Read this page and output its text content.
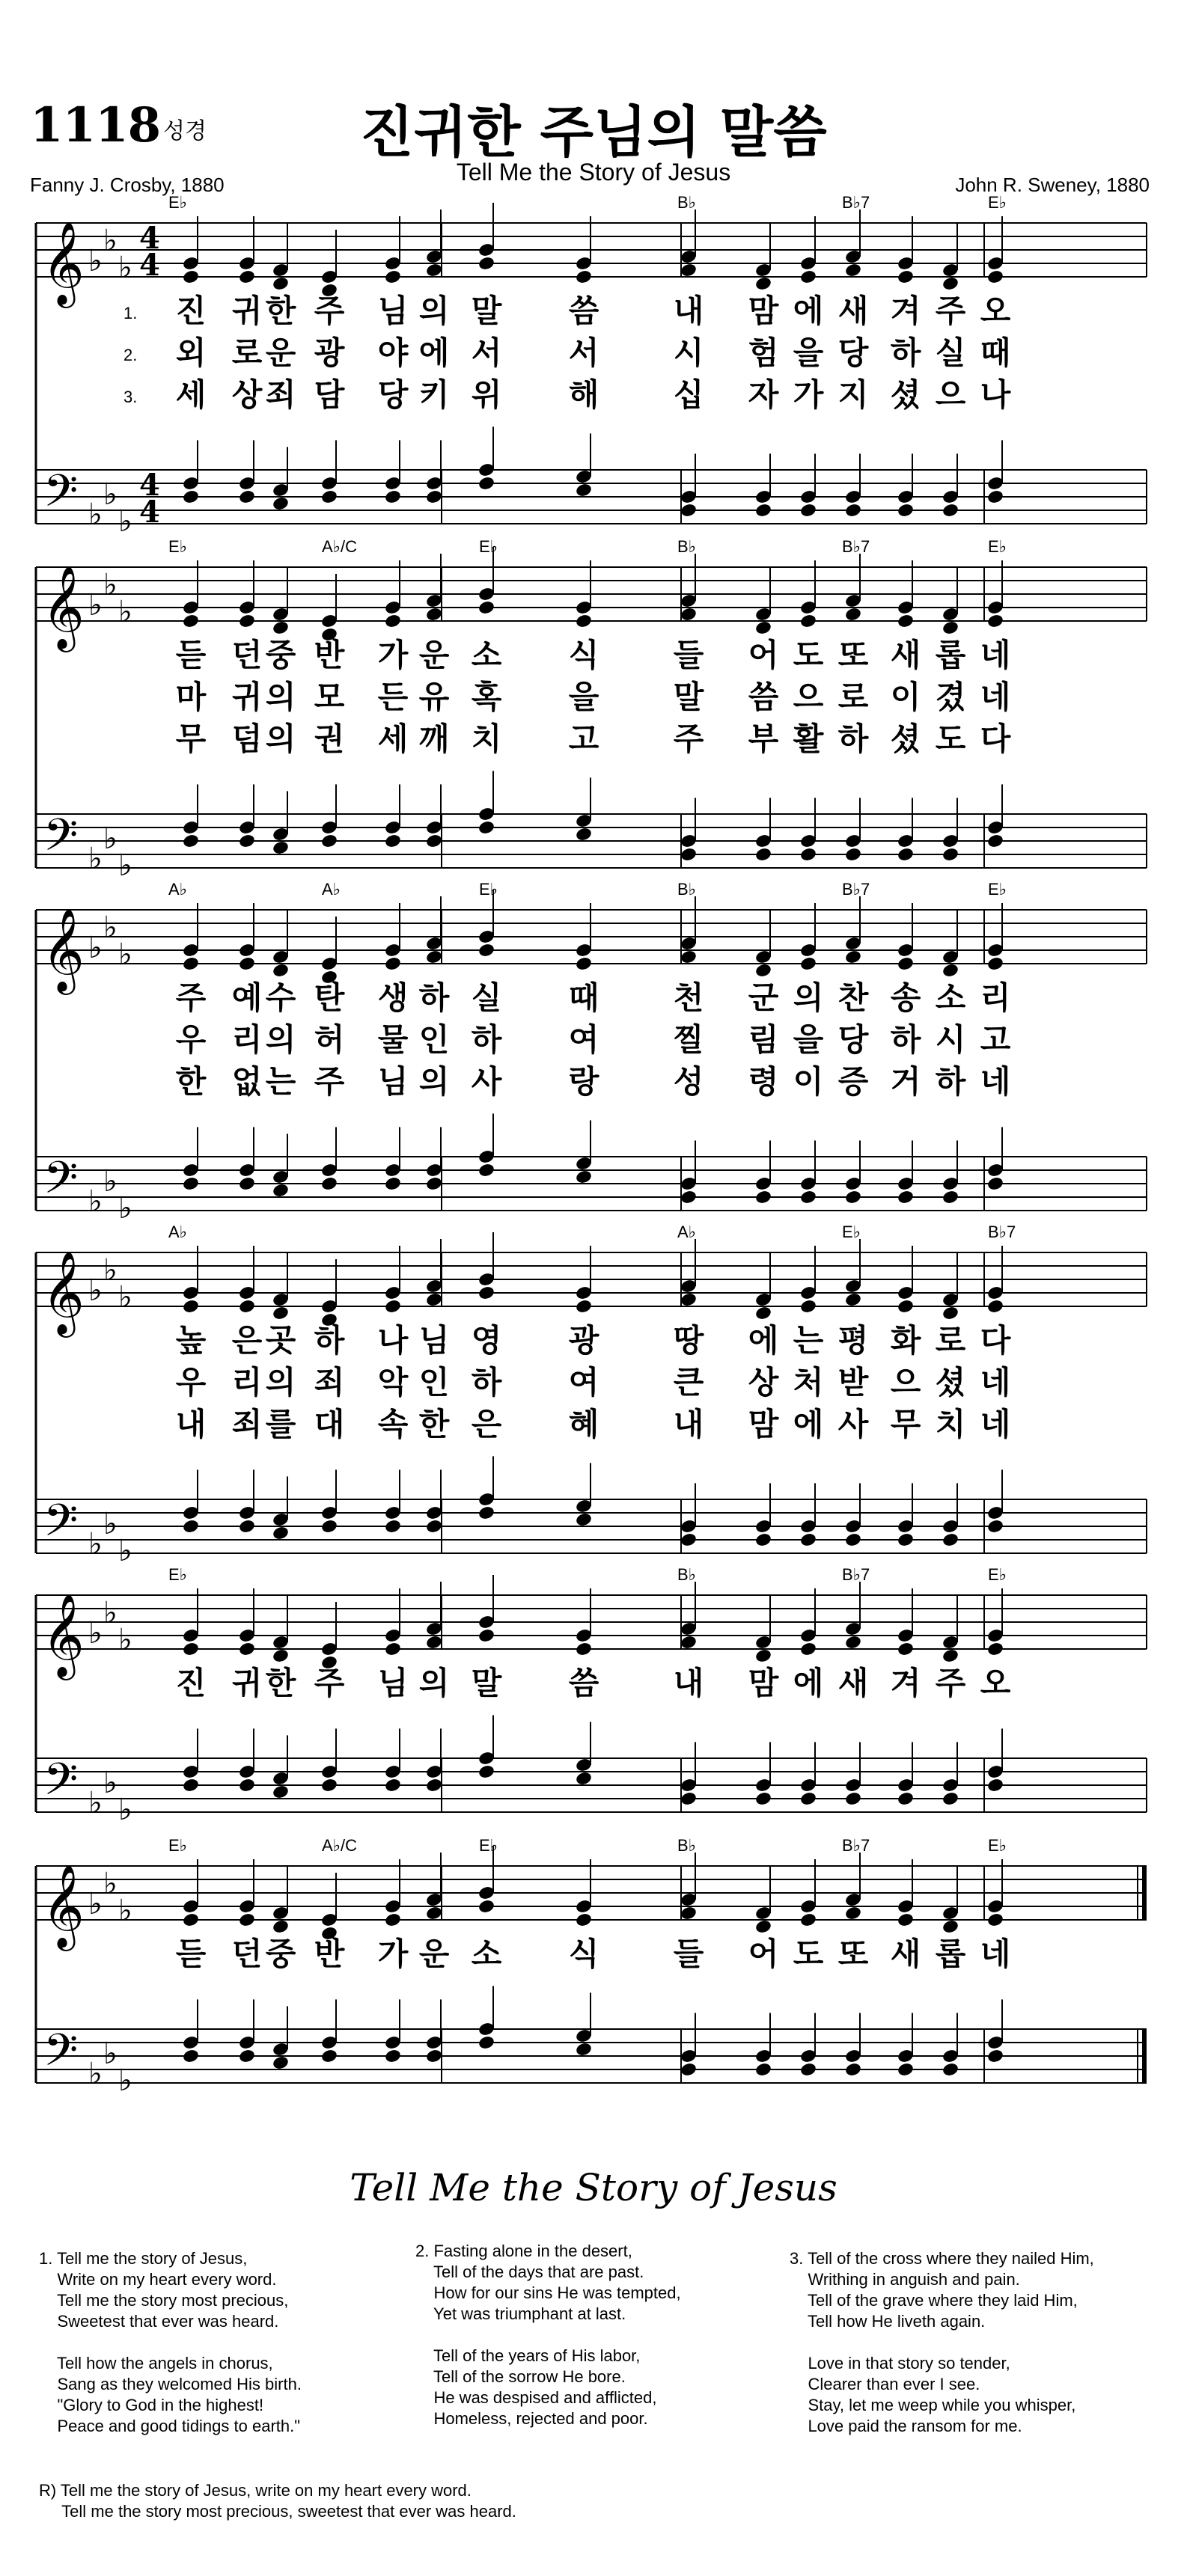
1118 성경	진귀한 주님의 말씀
Tell Me the Story of Jesus
Fanny J. Crosby, 1880	John R. Sweney, 1880
𝄞
𝄢
♭
♭
♭
♭
♭
♭
4
4
4
4
E♭	B♭	B♭7	E♭
1. 진 귀 한 주 님 의 말 씀 내 맘 에 새 겨 주 오
2. 외 로 운 광 야 에 서 서 시 험 을 당 하 실 때
3. 세 상 죄 담 당 키 위 해 십 자 가 지 셨 으 나
𝄞
𝄢
♭
♭
♭
♭
♭
♭
E♭	A♭/C	E♭	B♭	B♭7	E♭
듣 던 중 반 가 운 소 식 들 어 도 또 새 롭 네
마 귀 의 모 든 유 혹 을 말 씀 으 로 이 겼 네
무 덤 의 권 세 깨 치 고 주 부 활 하 셨 도 다
𝄞
𝄢
♭
♭
♭
♭
♭
♭
A♭	A♭	E♭	B♭	B♭7	E♭
주 예 수 탄 생 하 실 때 천 군 의 찬 송 소 리
우 리 의 허 물 인 하 여 찔 림 을 당 하 시 고
한 없 는 주 님 의 사 랑 성 령 이 증 거 하 네
𝄞
𝄢
♭
♭
♭
♭
♭
♭
A♭	A♭	E♭	B♭7
높 은 곳 하 나 님 영 광 땅 에 는 평 화 로 다
우 리 의 죄 악 인 하 여 큰 상 처 받 으 셨 네
내 죄 를 대 속 한 은 혜 내 맘 에 사 무 치 네
𝄞
𝄢
♭
♭
♭
♭
♭
♭
E♭	B♭	B♭7	E♭
진 귀 한 주 님 의 말 씀 내 맘 에 새 겨 주 오
𝄞
𝄢
♭
♭
♭
♭
♭
♭
E♭	A♭/C	E♭	B♭	B♭7	E♭
듣 던 중 반 가 운 소 식 들 어 도 또 새 롭 네
Tell Me the Story of Jesus
1. Tell me the story of Jesus,
Write on my heart every word.
Tell me the story most precious,
Sweetest that ever was heard.

Tell how the angels in chorus,
Sang as they welcomed His birth.
"Glory to God in the highest!
Peace and good tidings to earth."
2. Fasting alone in the desert,
Tell of the days that are past.
How for our sins He was tempted,
Yet was triumphant at last.

Tell of the years of His labor,
Tell of the sorrow He bore.
He was despised and afflicted,
Homeless, rejected and poor.
3. Tell of the cross where they nailed Him,
Writhing in anguish and pain.
Tell of the grave where they laid Him,
Tell how He liveth again.

Love in that story so tender,
Clearer than ever I see.
Stay, let me weep while you whisper,
Love paid the ransom for me.
R) Tell me the story of Jesus, write on my heart every word.
Tell me the story most precious, sweetest that ever was heard.
